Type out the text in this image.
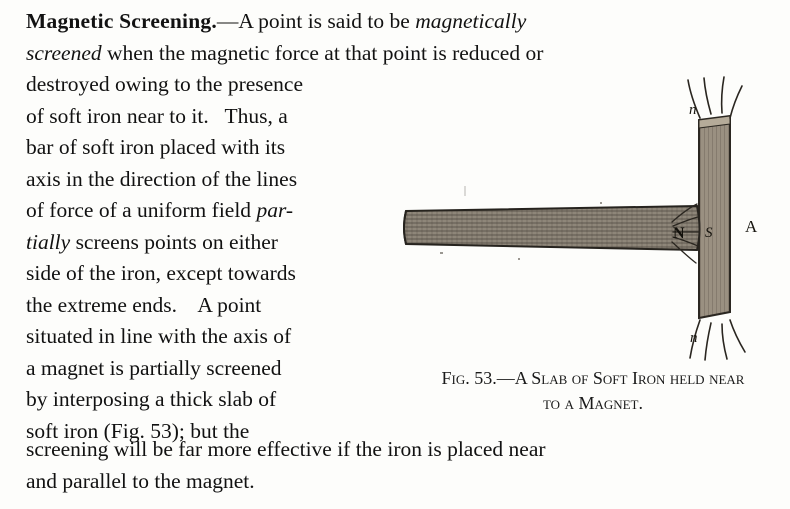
Magnetic Screening.—A point is said to be magnetically
screened when the magnetic force at that point is reduced or
destroyed owing to the presence
of soft iron near to it.   Thus, a
bar of soft iron placed with its
axis in the direction of the lines
of force of a uniform field par-
tially screens points on either
side of the iron, except towards
the extreme ends.    A point
situated in line with the axis of
a magnet is partially screened
by interposing a thick slab of
soft iron (Fig. 53); but the
screening will be far more effective if the iron is placed near
and parallel to the magnet.
n
N S A
n
Fig. 53.—A Slab of Soft Iron held near
to a Magnet.
